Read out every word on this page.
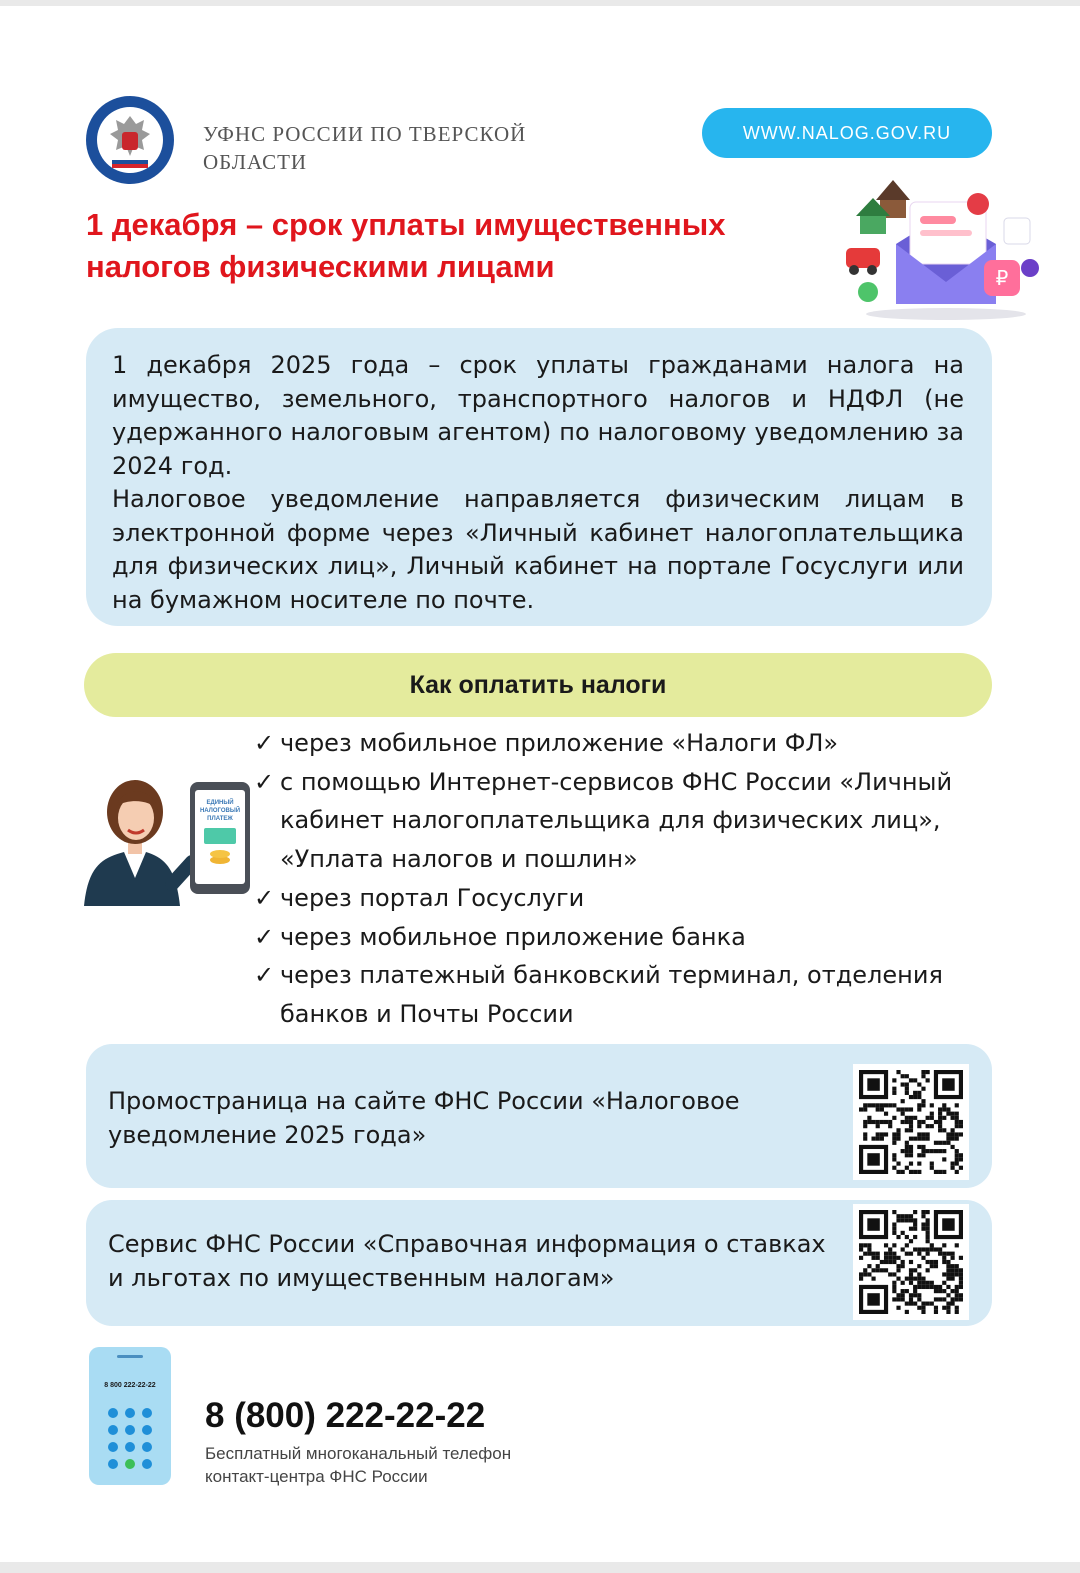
УФНС РОССИИ ПО ТВЕРСКОЙ
ОБЛАСТИ
WWW.NALOG.GOV.RU
1 декабря – срок уплаты имущественных
налогов физическими лицами	₽

1 декабря 2025 года – срок уплаты гражданами налога на имущество, земельного, транспортного налогов и НДФЛ (не удержанного налоговым агентом) по налоговому уведомлению за 2024 год.
Налоговое уведомление направляется физическим лицам в электронной форме через «Личный кабинет налогоплательщика для физических лиц», Личный кабинет на портале Госуслуги или на бумажном носителе по почте.

Как оплатить налоги
ЕДИНЫЙ
НАЛОГОВЫЙ
ПЛАТЕЖ
✓ через мобильное приложение «Налоги ФЛ»
✓ с помощью Интернет-сервисов ФНС России «Личный кабинет налогоплательщика для физических лиц», «Уплата налогов и пошлин»
✓ через портал Госуслуги
✓ через мобильное приложение банка
✓ через платежный банковский терминал, отделения банков и Почты России
Промостраница на сайте ФНС России «Налоговое уведомление 2025 года»
Сервис ФНС России «Справочная информация о ставках и льготах по имущественным налогам»
8 800 222-22-22
8 (800) 222-22-22
Бесплатный многоканальный телефон
контакт-центра ФНС России
